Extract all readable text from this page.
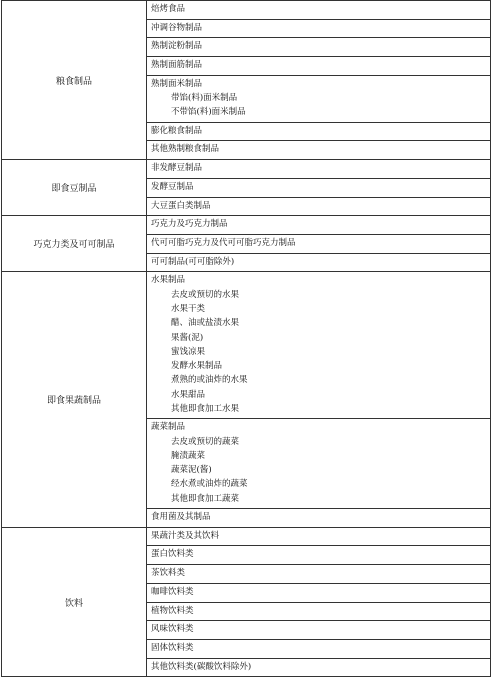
粮食制品
焙烤食品
冲调谷物制品
熟制淀粉制品
熟制面筋制品
熟制面米制品
带馅(料)面米制品
不带馅(料)面米制品
膨化粮食制品
其他熟制粮食制品
即食豆制品
非发酵豆制品
发酵豆制品
大豆蛋白类制品
巧克力类及可可制品
巧克力及巧克力制品
代可可脂巧克力及代可可脂巧克力制品
可可制品(可可脂除外)
即食果蔬制品
水果制品
去皮或预切的水果
水果干类
醋、油或盐渍水果
果酱(泥)
蜜饯凉果
发酵水果制品
煮熟的或油炸的水果
水果甜品
其他即食加工水果
蔬菜制品
去皮或预切的蔬菜
腌渍蔬菜
蔬菜泥(酱)
经水煮或油炸的蔬菜
其他即食加工蔬菜
食用菌及其制品
饮料
果蔬汁类及其饮料
蛋白饮料类
茶饮料类
咖啡饮料类
植物饮料类
风味饮料类
固体饮料类
其他饮料类(碳酸饮料除外)
